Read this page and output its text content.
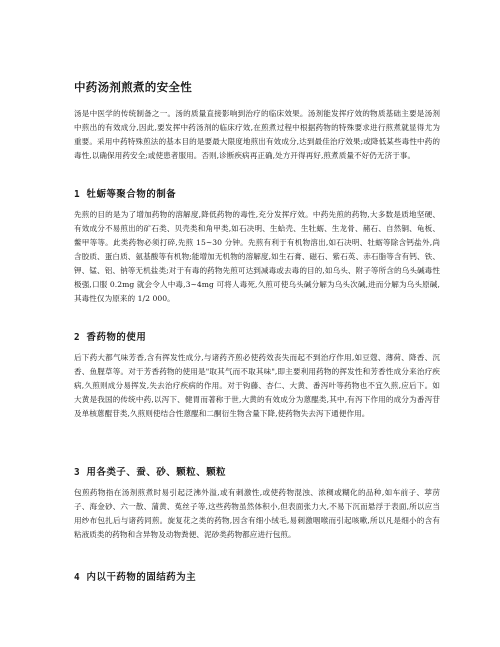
中药汤剂煎煮的安全性
汤是中医学的传统制备之一。汤的质量直接影响到治疗的临床效果。汤剂能发挥疗效的物质基础主要是汤剂中煎出的有效成分,因此,要发挥中药汤剂的临床疗效,在煎煮过程中根据药物的特殊要求进行煎煮就显得尤为重要。采用中药特殊煎法的基本目的是要最大限度地煎出有效成分,达到最佳治疗效果;或降低某些毒性中药的毒性,以确保用药安全;或使患者服用。否则,诊断疾病再正确,处方开得再好,煎煮质量不好仍无济于事。
1 牡蛎等聚合物的制备
先煎的目的是为了增加药物的溶解度,降低药物的毒性,充分发挥疗效。中药先煎的药物,大多数是质地坚硬、有效成分不易煎出的矿石类、贝壳类和角甲类,如石决明、生蛤壳、生牡蛎、生龙骨、赭石、自然铜、龟板、鳖甲等等。此类药物必须打碎,先煎 15~30 分钟。先煎有利于有机物溶出,如石决明、牡蛎等除含钙盐外,尚含胶质、蛋白质、氨基酸等有机物;能增加无机物的溶解度,如生石膏、磁石、紫石英、赤石脂等含有钙、铁、钾、锰、铝、钠等无机盐类;对于有毒的药物先煎可达到减毒或去毒的目的,如乌头、附子等所含的乌头碱毒性极强,口服 0.2mg 就会令人中毒,3~4mg 可将人毒死,久煎可使乌头碱分解为乌头次碱,进而分解为乌头原碱,其毒性仅为原来的 1/2 000。
2 香药物的使用
后下药大都气味芳香,含有挥发性成分,与诸药齐煎必使药效丧失而起不到治疗作用,如豆蔻、薄荷、降香、沉香、鱼腥草等。对于芳香药物的使用是"取其气而不取其味",即主要利用药物的挥发性和芳香性成分来治疗疾病,久煎则成分易挥发,失去治疗疾病的作用。对于钩藤、杏仁、大黄、番泻叶等药物也不宜久煎,应后下。如大黄是我国的传统中药,以泻下、健胃而著称于世,大黄的有效成分为蒽醌类,其中,有泻下作用的成分为番泻苷及单核蒽醌苷类,久煎则使结合性蒽醌和二酮衍生物含量下降,使药物失去泻下通便作用。
3 用各类子、蚕、砂、颗粒、颗粒
包煎药物指在汤剂煎煮时易引起泛沸外溢,或有刺激性,或使药物混浊、浓稠或糊化的品种,如车前子、葶苈子、海金砂、六一散、蒲黄、菟丝子等,这些药物虽然体积小,但表面张力大,不易下沉而悬浮于表面,所以应当用纱布包扎后与诸药同煎。旋复花之类的药物,因含有细小绒毛,易刺激咽喉而引起咳嗽,所以凡是细小的含有粘液质类的药物和含异物及动物粪便、泥砂类药物都应进行包煎。
4 内以干药物的固结药为主
